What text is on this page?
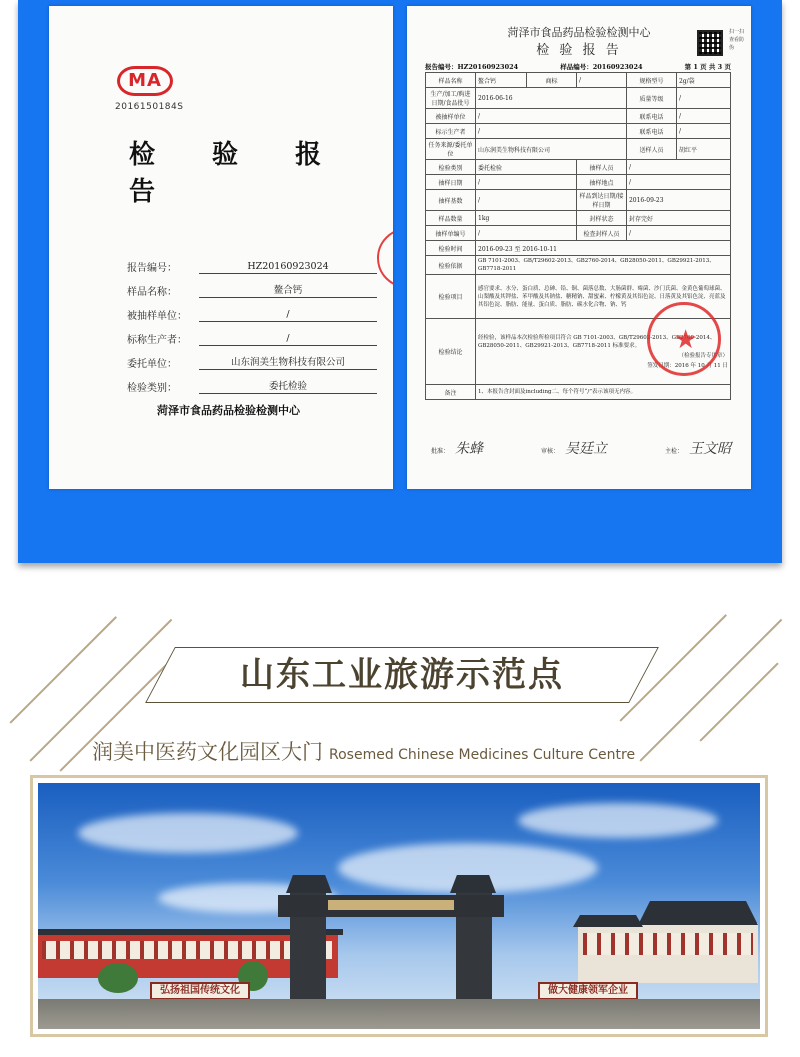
MA
2016150184S
检 验 报 告
报告编号：	HZ20160923024
样品名称：	鳌合钙
被抽样单位：	/
标称生产者：	/
委托单位：	山东润美生物科技有限公司
检验类别：	委托检验
菏泽市食品药品检验检测中心
菏泽市食品药品检验检测中心
检 验 报 告
扫一扫查看防伪
报告编号：HZ20160923024	样品编号：20160923024	第 1 页 共 3 页
样品名称	鳌合钙	商标	/	规格型号	2g/袋
生产/加工/购进日期/食品批号	2016-06-16			质量等级	/
被抽样单位	/			联系电话	/
标示生产者	/			联系电话	/
任务来源/委托单位	山东润美生物科技有限公司			送样人员	胡红平
检验类别	委托检验		抽样人员	/	
抽样日期	/		抽样地点	/	
抽样基数	/		样品到达日期/接样日期	2016-09-23	
样品数量	1kg		封样状态	封存完好	
抽样单编号	/		检查封样人员	/	
检验时间	2016-09-23 至 2016-10-11				
检验依据	GB 7101-2003、GB/T29602-2013、GB2760-2014、GB28050-2011、GB29921-2013、GB7718-2011				
检验项目	感官要求、水分、蛋白质、总砷、铅、铜、菌落总数、大肠菌群、霉菌、沙门氏菌、金黄色葡萄球菌、山梨酸及其钾盐、苯甲酸及其钠盐、糖精钠、甜蜜素、柠檬黄及其铝色淀、日落黄及其铝色淀、亮蓝及其铝色淀、脂肪、能量、蛋白质、脂肪、碳水化合物、钠、钙				
检验结论	经检验，该样品本次检验所检项目符合 GB 7101-2003、GB/T29602-2013、GB2760-2014、GB28050-2011、GB29921-2013、GB7718-2011 标准要求。
（检验报告专用章）
签发日期：2016 年 10 月 11 日				

备注	1、本报告含封面及including二、每个符号“/”表示该项无内容。				
★
批准： 朱蜂	审核： 吴廷立	主检： 王文昭
山东工业旅游示范点
润美中医药文化园区大门 Rosemed Chinese Medicines Culture Centre
弘扬祖国传统文化	做大健康领军企业
